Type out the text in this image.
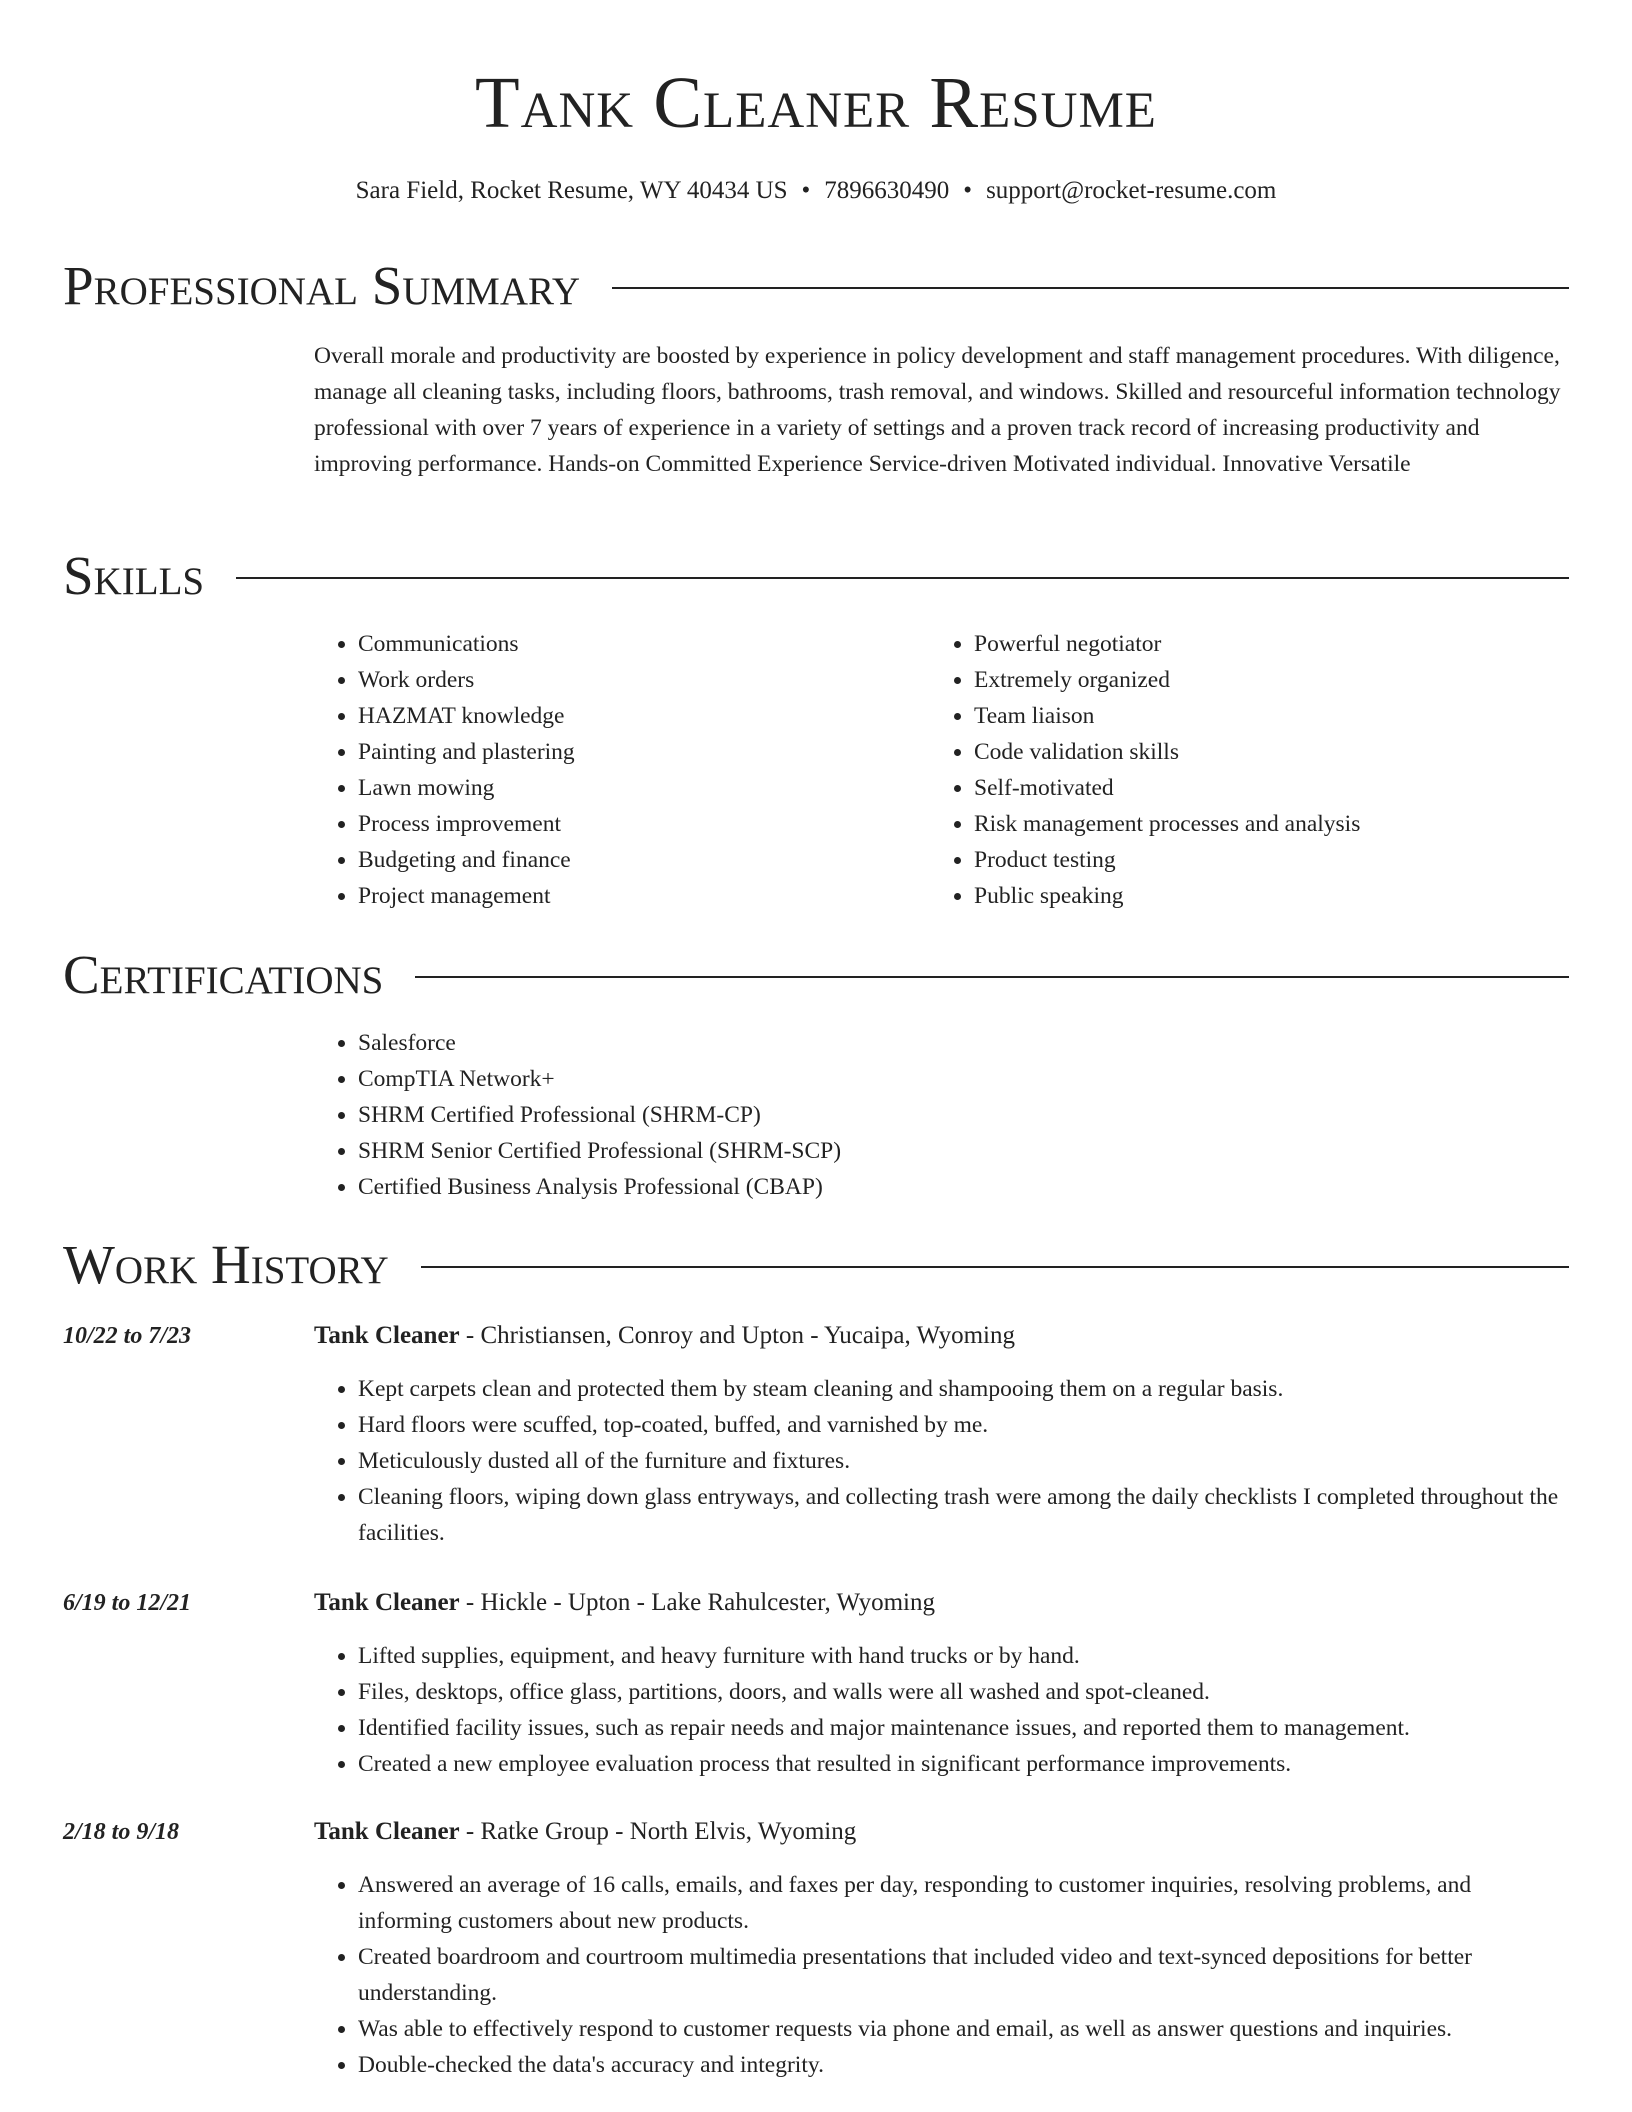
Tank Cleaner Resume
Sara Field, Rocket Resume, WY 40434 US • 7896630490 • support@rocket-resume.com
Professional Summary
Overall morale and productivity are boosted by experience in policy development and staff management procedures. With diligence, manage all cleaning tasks, including floors, bathrooms, trash removal, and windows. Skilled and resourceful information technology professional with over 7 years of experience in a variety of settings and a proven track record of increasing productivity and improving performance. Hands-on Committed Experience Service-driven Motivated individual. Innovative Versatile
Skills
• Communications
• Work orders
• HAZMAT knowledge
• Painting and plastering
• Lawn mowing
• Process improvement
• Budgeting and finance
• Project management
• Powerful negotiator
• Extremely organized
• Team liaison
• Code validation skills
• Self-motivated
• Risk management processes and analysis
• Product testing
• Public speaking
Certifications
• Salesforce
• CompTIA Network+
• SHRM Certified Professional (SHRM-CP)
• SHRM Senior Certified Professional (SHRM-SCP)
• Certified Business Analysis Professional (CBAP)
Work History
10/22 to 7/23	Tank Cleaner - Christiansen, Conroy and Upton - Yucaipa, Wyoming
• Kept carpets clean and protected them by steam cleaning and shampooing them on a regular basis.
• Hard floors were scuffed, top-coated, buffed, and varnished by me.
• Meticulously dusted all of the furniture and fixtures.
• Cleaning floors, wiping down glass entryways, and collecting trash were among the daily checklists I completed throughout the facilities.
6/19 to 12/21	Tank Cleaner - Hickle - Upton - Lake Rahulcester, Wyoming
• Lifted supplies, equipment, and heavy furniture with hand trucks or by hand.
• Files, desktops, office glass, partitions, doors, and walls were all washed and spot-cleaned.
• Identified facility issues, such as repair needs and major maintenance issues, and reported them to management.
• Created a new employee evaluation process that resulted in significant performance improvements.
2/18 to 9/18	Tank Cleaner - Ratke Group - North Elvis, Wyoming
• Answered an average of 16 calls, emails, and faxes per day, responding to customer inquiries, resolving problems, and informing customers about new products.
• Created boardroom and courtroom multimedia presentations that included video and text-synced depositions for better understanding.
• Was able to effectively respond to customer requests via phone and email, as well as answer questions and inquiries.
• Double-checked the data's accuracy and integrity.
